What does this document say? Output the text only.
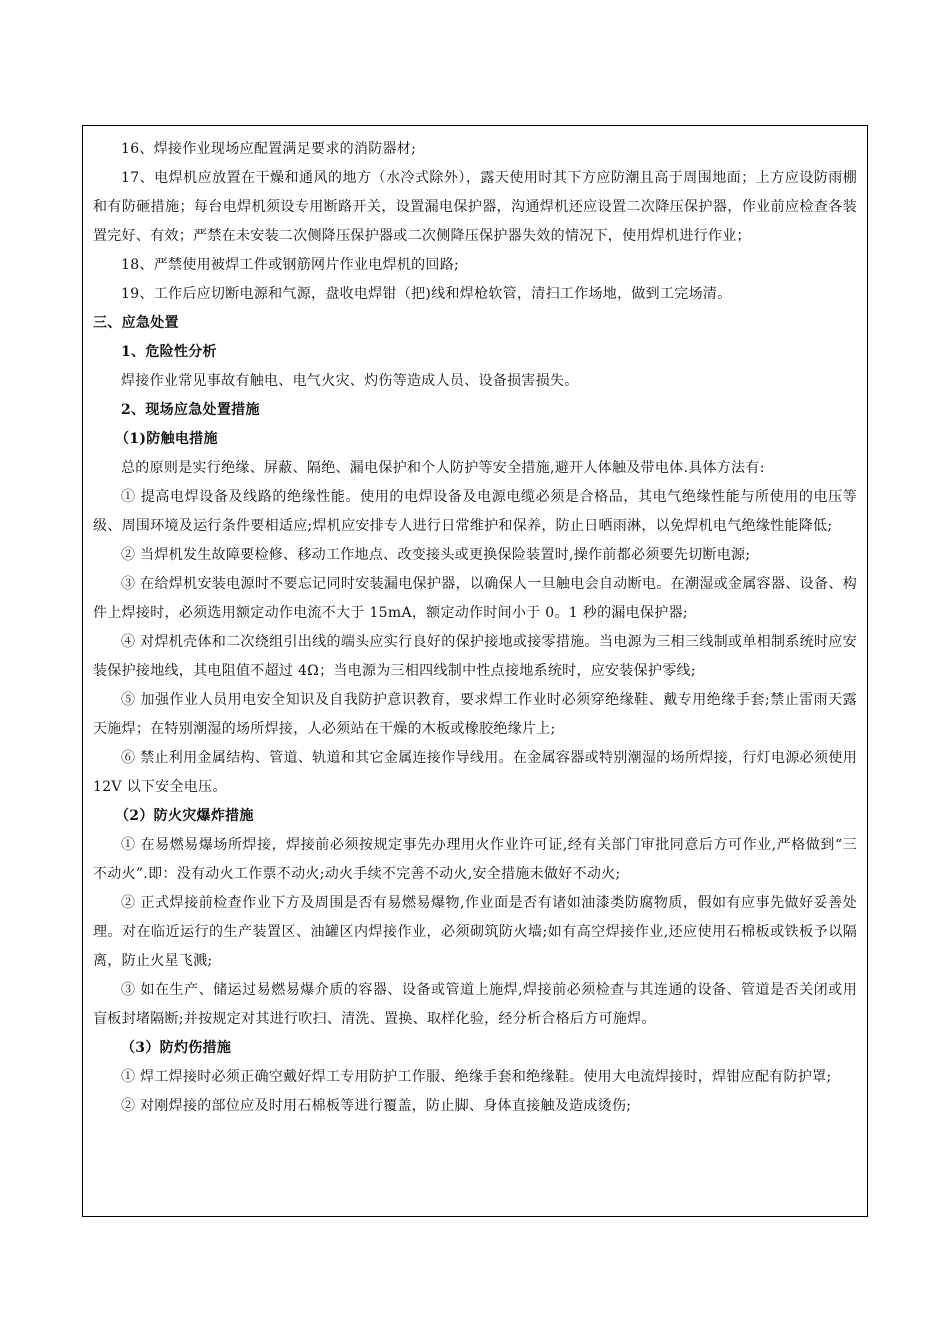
16、焊接作业现场应配置满足要求的消防器材;

17、电焊机应放置在干燥和通风的地方（水冷式除外），露天使用时其下方应防潮且高于周围地面；上方应设防雨棚和有防砸措施；每台电焊机须设专用断路开关，设置漏电保护器，沟通焊机还应设置二次降压保护器，作业前应检查各装置完好、有效；严禁在未安装二次侧降压保护器或二次侧降压保护器失效的情况下，使用焊机进行作业；

18、严禁使用被焊工件或钢筋网片作业电焊机的回路;

19、工作后应切断电源和气源，盘收电焊钳（把)线和焊枪软管，清扫工作场地，做到工完场清。

三、应急处置

1、危险性分析

焊接作业常见事故有触电、电气火灾、灼伤等造成人员、设备损害损失。

2、现场应急处置措施

（1)防触电措施

总的原则是实行绝缘、屏蔽、隔绝、漏电保护和个人防护等安全措施,避开人体触及带电体.具体方法有:

① 提高电焊设备及线路的绝缘性能。使用的电焊设备及电源电缆必须是合格品，其电气绝缘性能与所使用的电压等级、周围环境及运行条件要相适应;焊机应安排专人进行日常维护和保养，防止日晒雨淋，以免焊机电气绝缘性能降低;

② 当焊机发生故障要检修、移动工作地点、改变接头或更换保险装置时,操作前都必须要先切断电源;

③ 在给焊机安装电源时不要忘记同时安装漏电保护器，以确保人一旦触电会自动断电。在潮湿或金属容器、设备、构件上焊接时，必须选用额定动作电流不大于 15mA，额定动作时间小于 0。1 秒的漏电保护器;

④ 对焊机壳体和二次绕组引出线的端头应实行良好的保护接地或接零措施。当电源为三相三线制或单相制系统时应安装保护接地线，其电阻值不超过 4Ω；当电源为三相四线制中性点接地系统时，应安装保护零线;

⑤ 加强作业人员用电安全知识及自我防护意识教育，要求焊工作业时必须穿绝缘鞋、戴专用绝缘手套;禁止雷雨天露天施焊；在特别潮湿的场所焊接，人必须站在干燥的木板或橡胶绝缘片上;

⑥ 禁止利用金属结构、管道、轨道和其它金属连接作导线用。在金属容器或特别潮湿的场所焊接，行灯电源必须使用 12V 以下安全电压。

（2）防火灾爆炸措施

① 在易燃易爆场所焊接，焊接前必须按规定事先办理用火作业许可证,经有关部门审批同意后方可作业,严格做到“三不动火”.即：没有动火工作票不动火;动火手续不完善不动火,安全措施未做好不动火;

② 正式焊接前检查作业下方及周围是否有易燃易爆物,作业面是否有诸如油漆类防腐物质，假如有应事先做好妥善处理。对在临近运行的生产装置区、油罐区内焊接作业，必须砌筑防火墙;如有高空焊接作业,还应使用石棉板或铁板予以隔离，防止火星飞溅;

③ 如在生产、储运过易燃易爆介质的容器、设备或管道上施焊,焊接前必须检查与其连通的设备、管道是否关闭或用盲板封堵隔断;并按规定对其进行吹扫、清洗、置换、取样化验，经分析合格后方可施焊。

（3）防灼伤措施

① 焊工焊接时必须正确空戴好焊工专用防护工作服、绝缘手套和绝缘鞋。使用大电流焊接时，焊钳应配有防护罩;

② 对刚焊接的部位应及时用石棉板等进行覆盖，防止脚、身体直接触及造成烫伤;
